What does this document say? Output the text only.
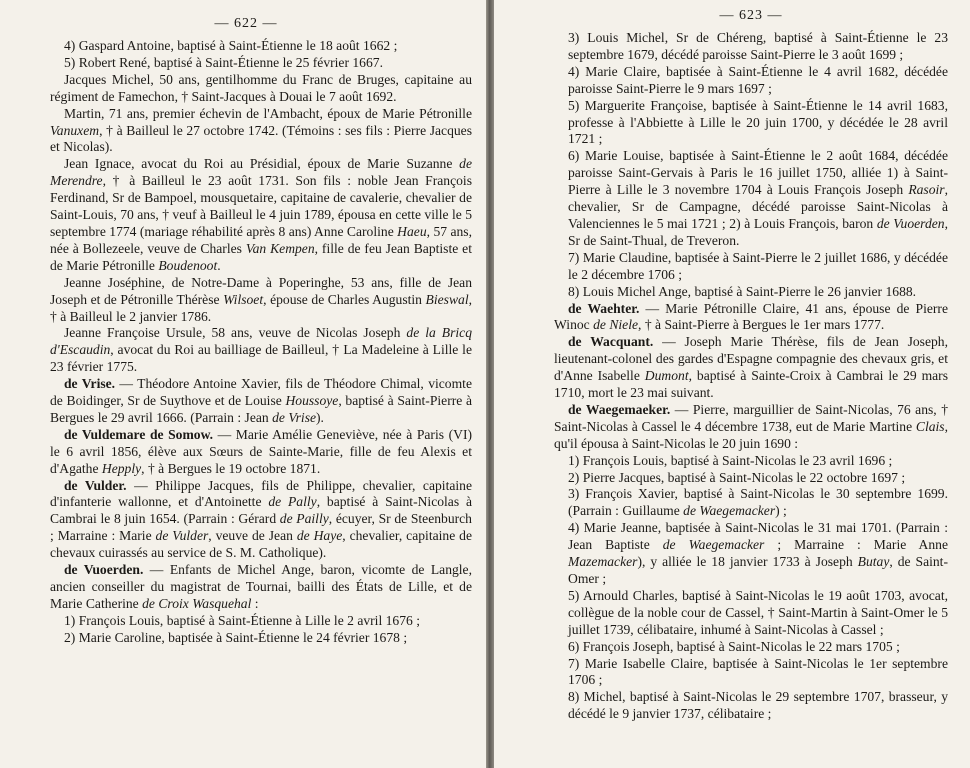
— 622 —

4) Gaspard Antoine, baptisé à Saint-Étienne le 18 août 1662 ;

5) Robert René, baptisé à Saint-Étienne le 25 février 1667.

Jacques Michel, 50 ans, gentilhomme du Franc de Bruges, capitaine au régiment de Famechon, † Saint-Jacques à Douai le 7 août 1692.

Martin, 71 ans, premier échevin de l'Ambacht, époux de Marie Pétronille Vanuxem, † à Bailleul le 27 octobre 1742. (Témoins : ses fils : Pierre Jacques et Nicolas).

Jean Ignace, avocat du Roi au Présidial, époux de Marie Suzanne de Merendre, † à Bailleul le 23 août 1731. Son fils : noble Jean François Ferdinand, Sr de Bampoel, mousquetaire, capitaine de cavalerie, chevalier de Saint-Louis, 70 ans, † veuf à Bailleul le 4 juin 1789, épousa en cette ville le 5 septembre 1774 (mariage réhabilité après 8 ans) Anne Caroline Haeu, 57 ans, née à Bollezeele, veuve de Charles Van Kempen, fille de feu Jean Baptiste et de Marie Pétronille Boudenoot.

Jeanne Joséphine, de Notre-Dame à Poperinghe, 53 ans, fille de Jean Joseph et de Pétronille Thérèse Wilsoet, épouse de Charles Augustin Bieswal, † à Bailleul le 2 janvier 1786.

Jeanne Françoise Ursule, 58 ans, veuve de Nicolas Joseph de la Bricq d'Escaudin, avocat du Roi au bailliage de Bailleul, † La Madeleine à Lille le 23 février 1775.

de Vrise. — Théodore Antoine Xavier, fils de Théodore Chimal, vicomte de Boidinger, Sr de Suythove et de Louise Houssoye, baptisé à Saint-Pierre à Bergues le 29 avril 1666. (Parrain : Jean de Vrise).

de Vuldemare de Somow. — Marie Amélie Geneviève, née à Paris (VI) le 6 avril 1856, élève aux Sœurs de Sainte-Marie, fille de feu Alexis et d'Agathe Hepply, † à Bergues le 19 octobre 1871.

de Vulder. — Philippe Jacques, fils de Philippe, chevalier, capitaine d'infanterie wallonne, et d'Antoinette de Pally, baptisé à Saint-Nicolas à Cambrai le 8 juin 1654. (Parrain : Gérard de Pailly, écuyer, Sr de Steenburch ; Marraine : Marie de Vulder, veuve de Jean de Haye, chevalier, capitaine de chevaux cuirassés au service de S. M. Catholique).

de Vuoerden. — Enfants de Michel Ange, baron, vicomte de Langle, ancien conseiller du magistrat de Tournai, bailli des États de Lille, et de Marie Catherine de Croix Wasquehal :

1) François Louis, baptisé à Saint-Étienne à Lille le 2 avril 1676 ;

2) Marie Caroline, baptisée à Saint-Étienne le 24 février 1678 ;

— 623 —

3) Louis Michel, Sr de Chéreng, baptisé à Saint-Étienne le 23 septembre 1679, décédé paroisse Saint-Pierre le 3 août 1699 ;

4) Marie Claire, baptisée à Saint-Étienne le 4 avril 1682, décédée paroisse Saint-Pierre le 9 mars 1697 ;

5) Marguerite Françoise, baptisée à Saint-Étienne le 14 avril 1683, professe à l'Abbiette à Lille le 20 juin 1700, y décédée le 28 avril 1721 ;

6) Marie Louise, baptisée à Saint-Étienne le 2 août 1684, décédée paroisse Saint-Gervais à Paris le 16 juillet 1750, alliée 1) à Saint-Pierre à Lille le 3 novembre 1704 à Louis François Joseph Rasoir, chevalier, Sr de Campagne, décédé paroisse Saint-Nicolas à Valenciennes le 5 mai 1721 ; 2) à Louis François, baron de Vuoerden, Sr de Saint-Thual, de Treveron.

7) Marie Claudine, baptisée à Saint-Pierre le 2 juillet 1686, y décédée le 2 décembre 1706 ;

8) Louis Michel Ange, baptisé à Saint-Pierre le 26 janvier 1688.

de Waehter. — Marie Pétronille Claire, 41 ans, épouse de Pierre Winoc de Niele, † à Saint-Pierre à Bergues le 1er mars 1777.

de Wacquant. — Joseph Marie Thérèse, fils de Jean Joseph, lieutenant-colonel des gardes d'Espagne compagnie des chevaux gris, et d'Anne Isabelle Dumont, baptisé à Sainte-Croix à Cambrai le 29 mars 1710, mort le 23 mai suivant.

de Waegemaeker. — Pierre, marguillier de Saint-Nicolas, 76 ans, † Saint-Nicolas à Cassel le 4 décembre 1738, eut de Marie Martine Clais, qu'il épousa à Saint-Nicolas le 20 juin 1690 :

1) François Louis, baptisé à Saint-Nicolas le 23 avril 1696 ;

2) Pierre Jacques, baptisé à Saint-Nicolas le 22 octobre 1697 ;

3) François Xavier, baptisé à Saint-Nicolas le 30 septembre 1699. (Parrain : Guillaume de Waegemacker) ;

4) Marie Jeanne, baptisée à Saint-Nicolas le 31 mai 1701. (Parrain : Jean Baptiste de Waegemacker ; Marraine : Marie Anne Mazemacker), y alliée le 18 janvier 1733 à Joseph Butay, de Saint-Omer ;

5) Arnould Charles, baptisé à Saint-Nicolas le 19 août 1703, avocat, collègue de la noble cour de Cassel, † Saint-Martin à Saint-Omer le 5 juillet 1739, célibataire, inhumé à Saint-Nicolas à Cassel ;

6) François Joseph, baptisé à Saint-Nicolas le 22 mars 1705 ;

7) Marie Isabelle Claire, baptisée à Saint-Nicolas le 1er septembre 1706 ;

8) Michel, baptisé à Saint-Nicolas le 29 septembre 1707, brasseur, y décédé le 9 janvier 1737, célibataire ;
